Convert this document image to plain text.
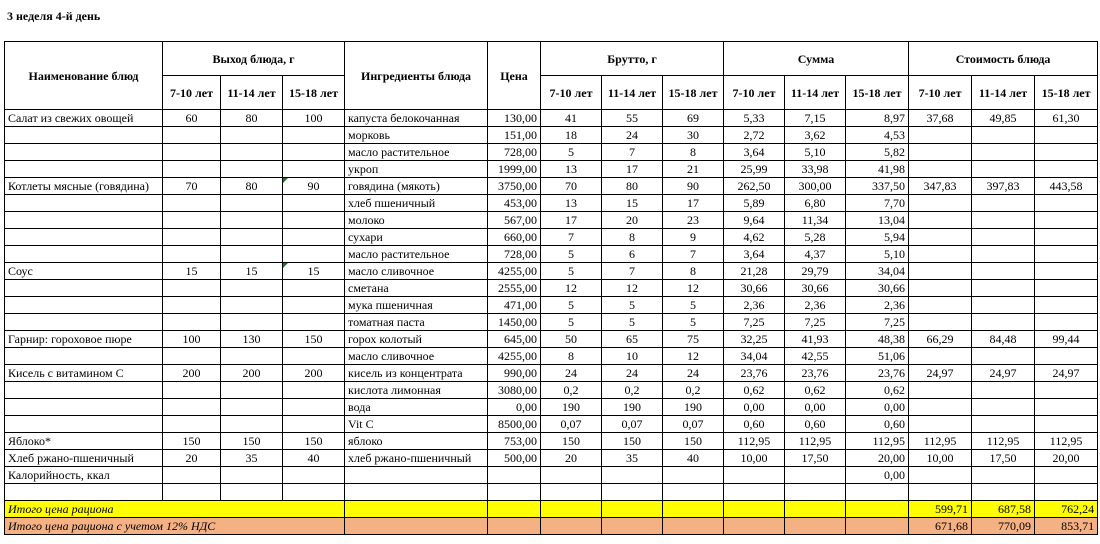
3 неделя 4-й день
Наименование блюд	Выход блюда, г			Ингредиенты блюда	Цена	Брутто, г			Сумма			Стоимость блюда		
	7-10 лет	11-14 лет	15-18 лет			7-10 лет	11-14 лет	15-18 лет	7-10 лет	11-14 лет	15-18 лет	7-10 лет	11-14 лет	15-18 лет
Салат из свежих овощей	60	80	100	капуста белокочанная	130,00	41	55	69	5,33	7,15	8,97	37,68	49,85	61,30
				морковь	151,00	18	24	30	2,72	3,62	4,53			
				масло растительное	728,00	5	7	8	3,64	5,10	5,82			
				укроп	1999,00	13	17	21	25,99	33,98	41,98			
Котлеты мясные (говядина)	70	80	90	говядина (мякоть)	3750,00	70	80	90	262,50	300,00	337,50	347,83	397,83	443,58
				хлеб пшеничный	453,00	13	15	17	5,89	6,80	7,70			
				молоко	567,00	17	20	23	9,64	11,34	13,04			
				сухари	660,00	7	8	9	4,62	5,28	5,94			
				масло растительное	728,00	5	6	7	3,64	4,37	5,10			
Соус	15	15	15	масло сливочное	4255,00	5	7	8	21,28	29,79	34,04			
				сметана	2555,00	12	12	12	30,66	30,66	30,66			
				мука пшеничная	471,00	5	5	5	2,36	2,36	2,36			
				томатная паста	1450,00	5	5	5	7,25	7,25	7,25			
Гарнир: гороховое пюре	100	130	150	горох колотый	645,00	50	65	75	32,25	41,93	48,38	66,29	84,48	99,44
				масло сливочное	4255,00	8	10	12	34,04	42,55	51,06			
Кисель с витамином С	200	200	200	кисель из концентрата	990,00	24	24	24	23,76	23,76	23,76	24,97	24,97	24,97
				кислота лимонная	3080,00	0,2	0,2	0,2	0,62	0,62	0,62			
				вода	0,00	190	190	190	0,00	0,00	0,00			
				Vit C	8500,00	0,07	0,07	0,07	0,60	0,60	0,60			
Яблоко*	150	150	150	яблоко	753,00	150	150	150	112,95	112,95	112,95	112,95	112,95	112,95
Хлеб ржано-пшеничный	20	35	40	хлеб ржано-пшеничный	500,00	20	35	40	10,00	17,50	20,00	10,00	17,50	20,00
Калорийность, ккал											0,00			

Итого цена рациона												599,71	687,58	762,24
Итого цена рациона с учетом 12% НДС												671,68	770,09	853,71
